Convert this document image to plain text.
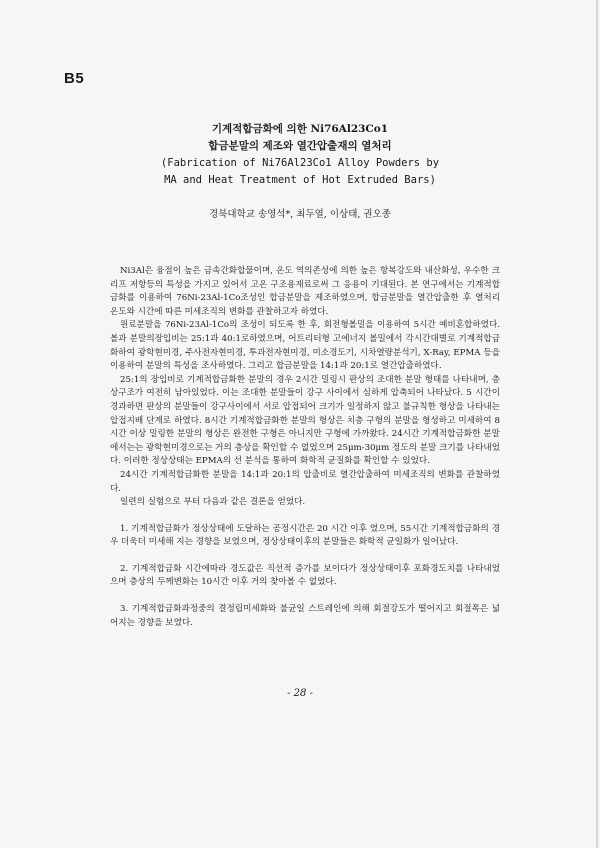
B5
기계적합금화에 의한 Ni76Al23Co1
합금분말의 제조와 열간압출재의 열처리
(Fabrication of Ni76Al23Co1 Alloy Powders by
MA and Heat Treatment of Hot Extruded Bars)
경북대학교 송영석*, 최두열, 이상태, 권오종

Ni3Al은 융점이 높은 금속간화합물이며, 온도 역의존성에 의한 높은 항복강도와 내산화성, 우수한 크리프 저항등의 특성을 가지고 있어서 고온 구조용재료로써 그 응용이 기대된다. 본 연구에서는 기계적합금화를 이용하여 76Ni-23Al-1Co조성인 합금분말을 제조하였으며, 합금분말을 열간압출한 후 열처리 온도와 시간에 따른 미세조직의 변화를 관찰하고자 하였다.

원료분말을 76Ni-23Al-1Co의 조성이 되도록 한 후, 회전형볼밀을 이용하여 5시간 예비혼합하였다. 볼과 분말의장입비는 25:1과 40:1로하였으며, 어트리터형 고에너지 볼밀에서 각시간대별로 기계적합금화하여 광학현미경, 주사전자현미경, 투과전자현미경, 미소경도기, 시차열량분석기, X-Ray, EPMA 등을 이용하여 분말의 특성을 조사하였다. 그리고 합금분말을 14:1과 20:1로 열간압출하였다.

25:1의 장입비로 기계적합금화한 분말의 경우 2시간 밀링시 판상의 조대한 분말 형태를 나타내며, 층상구조가 여전히 남아있었다. 이는 조대한 분말들이 강구 사이에서 심하게 압축되어 나타났다. 5 시간이 경과하면 판상의 분말들이 강구사이에서 서로 압접되어 크기가 일정하지 않고 불규칙한 형상을 나타내는 압접지배 단계로 하였다. 8시간 기계적합금화한 분말의 형상은 치층 구형의 분말을 형성하고 미세하여 8시간 이상 밀링한 분말의 형상은 완전한 구형은 아니지만 구형에 가까왔다. 24시간 기계적합금화한 분말에서는는 광학현미경으로는 거의 층상을 확인할 수 없었으며 25μm-30μm 정도의 분말 크기를 나타내었다. 이러한 정상상태는 EPMA의 선 분석을 통하여 화학적 균질화를 확인할 수 있었다.

24시간 기계적합금화한 분말을 14:1과 20:1의 압출비로 열간압출하여 미세조직의 변화를 관찰하였다.

일련의 실험으로 부터 다음과 같은 결론을 얻었다.

1. 기계적합금화가 정상상태에 도달하는 공정시간은 20 시간 이후 였으며, 55시간 기계적합금화의 경우 더욱더 미세해 지는 경향을 보였으며, 정상상태이후의 분말들은 화학적 균일화가 일어났다.

2. 기계적합금화 시간에따라 경도값은 직선적 증가를 보이다가 정상상태이후 포화경도치를 나타내었으며 층상의 두께변화는 10시간 이후 거의 찾아볼 수 없었다.

3. 기계적합금화과정중의 결정립미세화와 불균일 스트레인에 의해 회절강도가 떨어지고 회절폭은 넓어지는 경향을 보였다.

- 28 -
